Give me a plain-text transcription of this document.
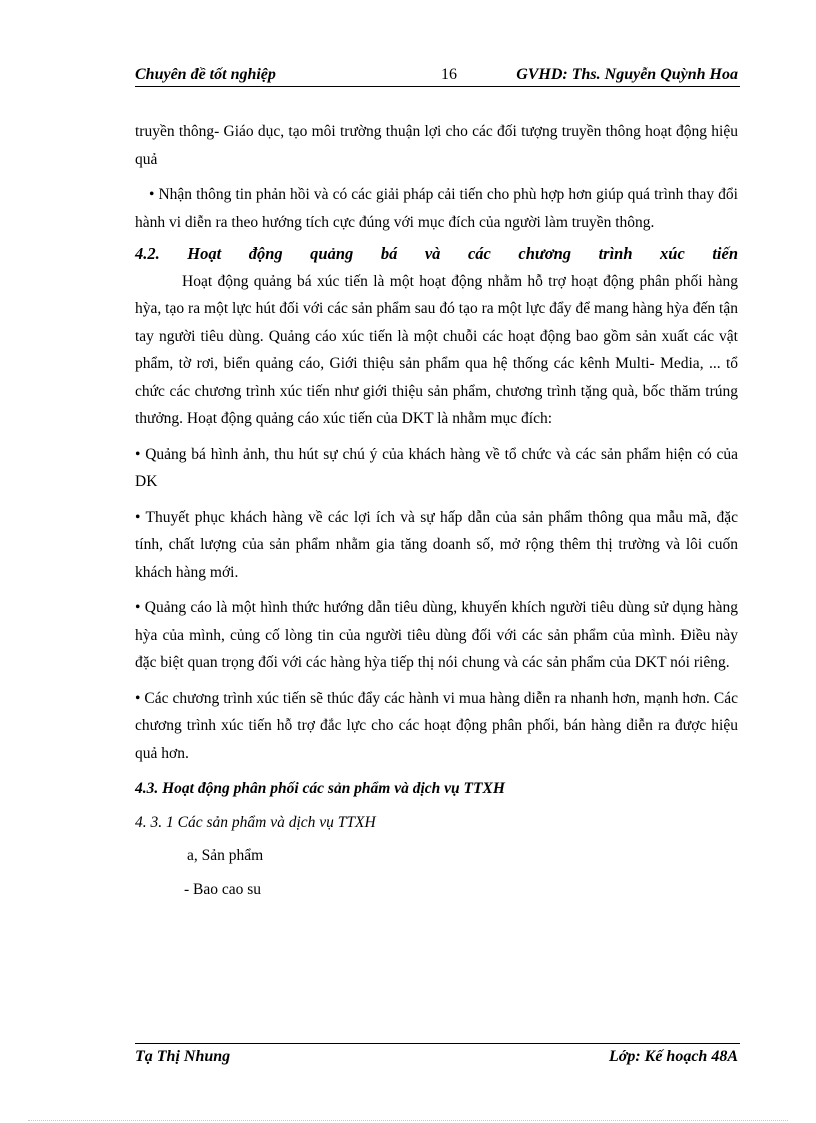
Chuyên đề tốt nghiệp	16	GVHD: Ths. Nguyễn Quỳnh Hoa

truyền thông- Giáo dục, tạo môi trường thuận lợi cho các đối tượng truyền thông hoạt động hiệu quả

• Nhận thông tin phản hồi và có các giải pháp cải tiến cho phù hợp hơn giúp quá trình thay đổi hành vi diễn ra theo hướng tích cực đúng với mục đích của người làm truyền thông.

4.2. Hoạt động quảng bá và các chương trình xúc tiến

Hoạt động quảng bá xúc tiến là một hoạt động nhằm hỗ trợ hoạt động phân phối hàng hỳa, tạo ra một lực hút đối với các sản phẩm sau đó tạo ra một lực đẩy để mang hàng hỳa đến tận tay người tiêu dùng. Quảng cáo xúc tiến là một chuỗi các hoạt động bao gồm sản xuất các vật phẩm, tờ rơi, biển quảng cáo, Giới thiệu sản phẩm qua hệ thống các kênh Multi- Media, ... tổ chức các chương trình xúc tiến như giới thiệu sản phẩm, chương trình tặng quà, bốc thăm trúng thưởng. Hoạt động quảng cáo xúc tiến của DKT là nhằm mục đích:

• Quảng bá hình ảnh, thu hút sự chú ý của khách hàng về tổ chức và các sản phẩm hiện có của DK

• Thuyết phục khách hàng về các lợi ích và sự hấp dẫn của sản phẩm thông qua mẫu mã, đặc tính, chất lượng của sản phẩm nhằm gia tăng doanh số, mở rộng thêm thị trường và lôi cuốn khách hàng mới.

• Quảng cáo là một hình thức hướng dẫn tiêu dùng, khuyến khích người tiêu dùng sử dụng hàng hỳa của mình, củng cố lòng tin của người tiêu dùng đối với các sản phẩm của mình. Điều này đặc biệt quan trọng đối với các hàng hỳa tiếp thị nói chung và các sản phẩm của DKT nói riêng.

• Các chương trình xúc tiến sẽ thúc đẩy các hành vi mua hàng diễn ra nhanh hơn, mạnh hơn. Các chương trình xúc tiến hỗ trợ đắc lực cho các hoạt động phân phối, bán hàng diễn ra được hiệu quả hơn.

4.3. Hoạt động phân phối các sản phẩm và dịch vụ TTXH

4. 3. 1 Các sản phẩm và dịch vụ TTXH

a, Sản phẩm

- Bao cao su

Tạ Thị Nhung	Lớp: Kế hoạch 48A
